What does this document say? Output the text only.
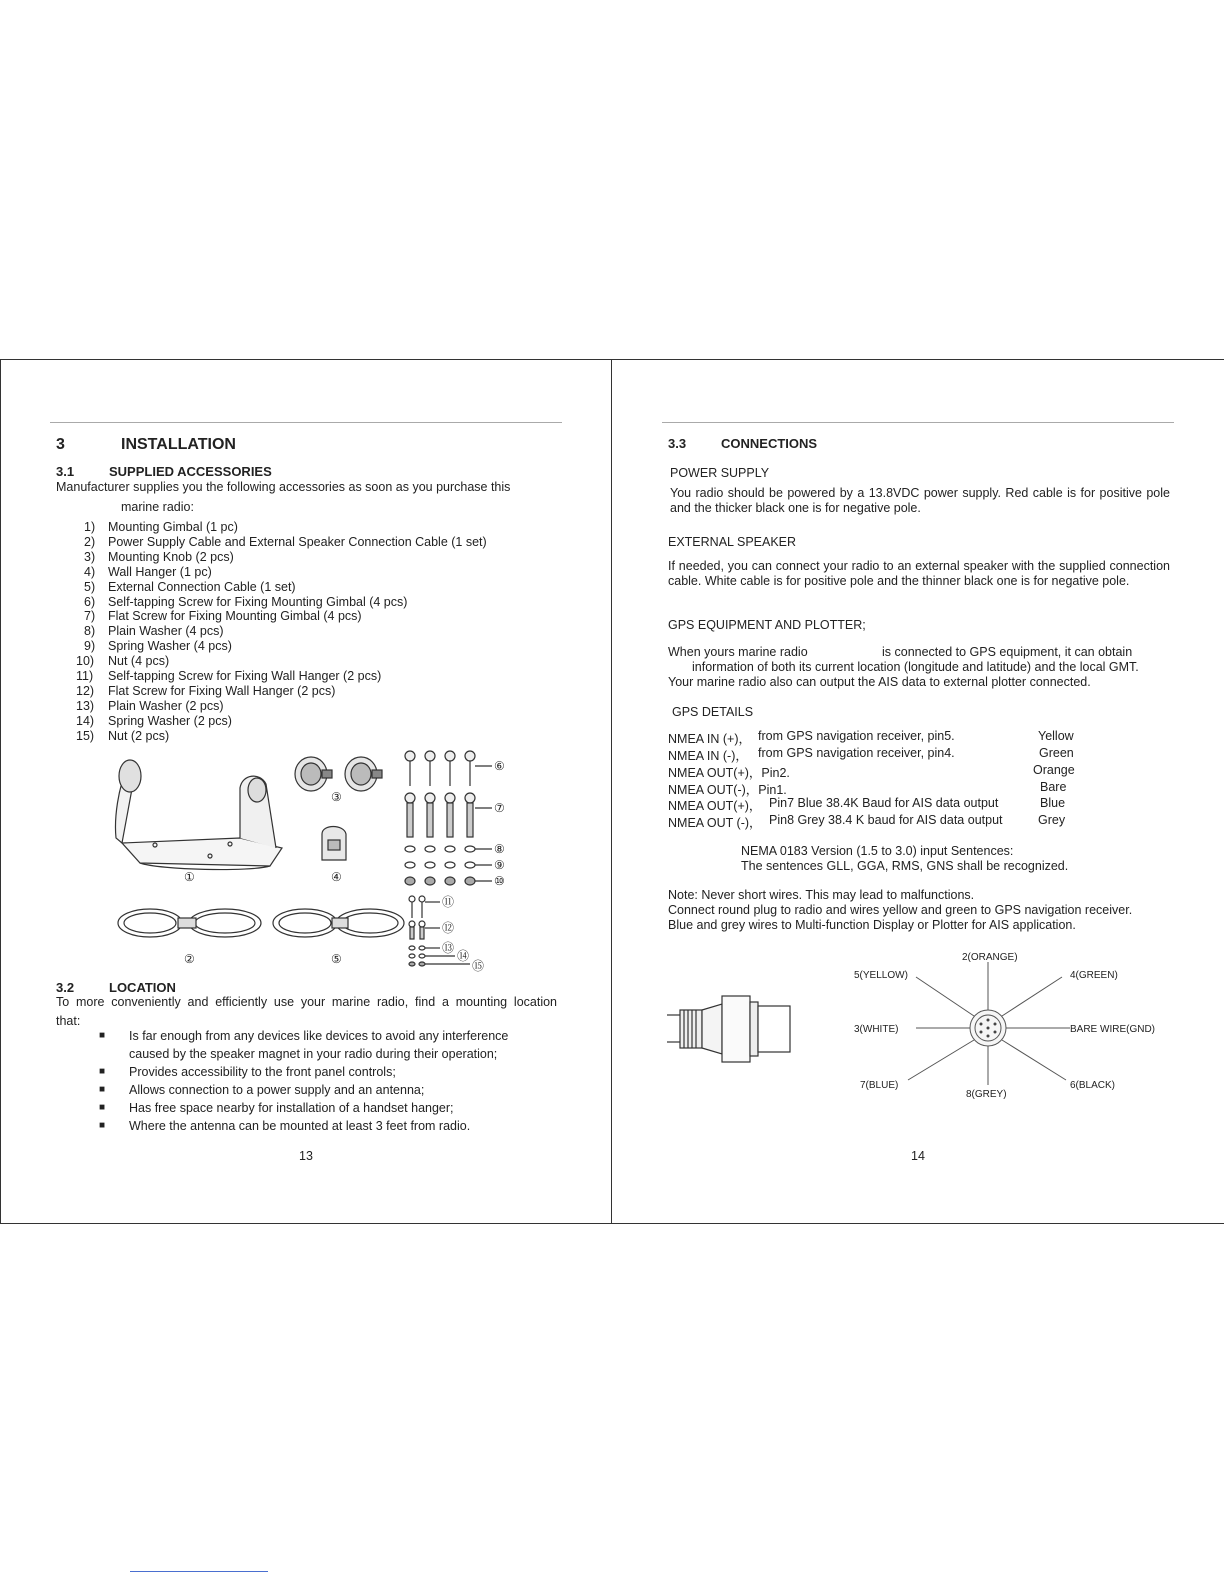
3	INSTALLATION
3.1	SUPPLIED ACCESSORIES
Manufacturer supplies you the following accessories as soon as you purchase this
marine radio:
1) Mounting Gimbal (1 pc)
2) Power Supply Cable and External Speaker Connection Cable (1 set)
3) Mounting Knob (2 pcs)
4) Wall Hanger (1 pc)
5) External Connection Cable (1 set)
6) Self-tapping Screw for Fixing Mounting Gimbal (4 pcs)
7) Flat Screw for Fixing Mounting Gimbal (4 pcs)
8) Plain Washer (4 pcs)
9) Spring Washer (4 pcs)
10) Nut (4 pcs)
11) Self-tapping Screw for Fixing Wall Hanger (2 pcs)
12) Flat Screw for Fixing Wall Hanger (2 pcs)
13) Plain Washer (2 pcs)
14) Spring Washer (2 pcs)
15) Nut (2 pcs)
①
②
③
④
⑤
⑥
⑦
⑧
⑨
⑩
⑪
⑫
⑬
⑭
⑮
3.2	LOCATION
To more conveniently and efficiently use your marine radio, find a mounting location
that:
■	Is far enough from any devices like devices to avoid any interference
caused by the speaker magnet in your radio during their operation;
■	Provides accessibility to the front panel controls;
■	Allows connection to a power supply and an antenna;
■	Has free space nearby for installation of a handset hanger;
■	Where the antenna can be mounted at least 3 feet from radio.
13
3.3	CONNECTIONS
POWER SUPPLY
You radio should be powered by a 13.8VDC power supply. Red cable is for positive pole and the thicker black one is for negative pole.
EXTERNAL SPEAKER
If needed, you can connect your radio to an external speaker with the supplied connection cable. White cable is for positive pole and the thinner black one is for negative pole.
GPS EQUIPMENT AND PLOTTER;
When yours marine radio	is connected to GPS equipment, it can obtain
information of both its current location (longitude and latitude) and the local GMT.
Your marine radio also can output the AIS data to external plotter connected.
GPS DETAILS
NMEA IN (+)， from GPS navigation receiver, pin5.	Yellow
NMEA IN (-)， from GPS navigation receiver, pin4.	Green
NMEA OUT(+)，Pin2.	Orange
NMEA OUT(-)，Pin1.	Bare
NMEA OUT(+)， Pin7 Blue 38.4K Baud for AIS data output	Blue
NMEA OUT (-)， Pin8 Grey 38.4 K baud for AIS data output	Grey
NEMA 0183 Version (1.5 to 3.0) input Sentences:
The sentences GLL, GGA, RMS, GNS shall be recognized.
Note: Never short wires. This may lead to malfunctions.
Connect round plug to radio and wires yellow and green to GPS navigation receiver.
Blue and grey wires to Multi-function Display or Plotter for AIS application.
2(ORANGE)
5(YELLOW)	4(GREEN)
3(WHITE)	BARE WIRE(GND)
7(BLUE)	6(BLACK)
8(GREY)
14
